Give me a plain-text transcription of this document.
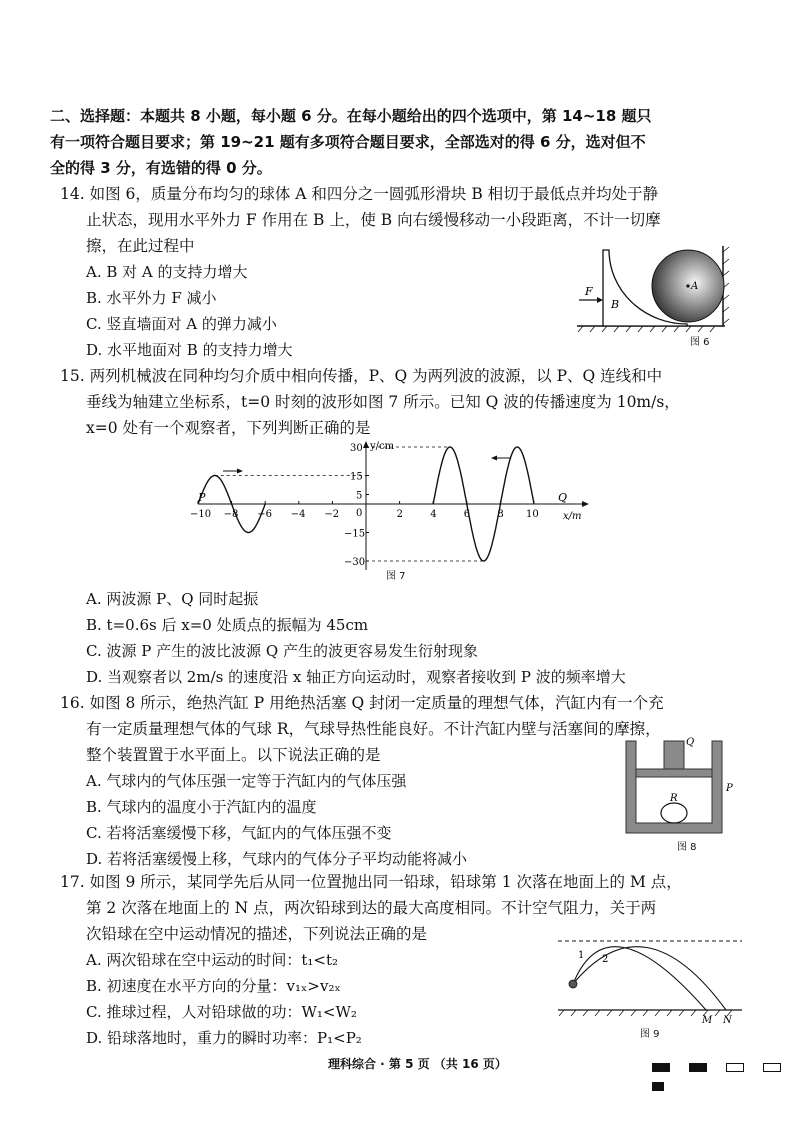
二、选择题：本题共 8 小题，每小题 6 分。在每小题给出的四个选项中，第 14~18 题只
有一项符合题目要求；第 19~21 题有多项符合题目要求，全部选对的得 6 分，选对但不
全的得 3 分，有选错的得 0 分。
14. 如图 6，质量分布均匀的球体 A 和四分之一圆弧形滑块 B 相切于最低点并均处于静
止状态，现用水平外力 F 作用在 B 上，使 B 向右缓慢移动一小段距离，不计一切摩
擦，在此过程中
A. B 对 A 的支持力增大
B. 水平外力 F 减小
C. 竖直墙面对 A 的弹力减小
D. 水平地面对 B 的支持力增大
F
B
A
图 6
15. 两列机械波在同种均匀介质中相向传播，P、Q 为两列波的波源，以 P、Q 连线和中
垂线为轴建立坐标系，t=0 时刻的波形如图 7 所示。已知 Q 波的传播速度为 10m/s，
x=0 处有一个观察者，下列判断正确的是
y/cm
x/m
0
−10 −8 −6 −4 −2	2	4	6	8 10
30
15
5
−15
−30
P	Q
图 7
A. 两波源 P、Q 同时起振
B. t=0.6s 后 x=0 处质点的振幅为 45cm
C. 波源 P 产生的波比波源 Q 产生的波更容易发生衍射现象
D. 当观察者以 2m/s 的速度沿 x 轴正方向运动时，观察者接收到 P 波的频率增大
16. 如图 8 所示，绝热汽缸 P 用绝热活塞 Q 封闭一定质量的理想气体，汽缸内有一个充
有一定质量理想气体的气球 R，气球导热性能良好。不计汽缸内壁与活塞间的摩擦，
整个装置置于水平面上。以下说法正确的是
A. 气球内的气体压强一定等于汽缸内的气体压强
B. 气球内的温度小于汽缸内的温度
C. 若将活塞缓慢下移，气缸内的气体压强不变
D. 若将活塞缓慢上移，气球内的气体分子平均动能将减小
Q
P
R
图 8
17. 如图 9 所示，某同学先后从同一位置抛出同一铅球，铅球第 1 次落在地面上的 M 点，
第 2 次落在地面上的 N 点，两次铅球到达的最大高度相同。不计空气阻力，关于两
次铅球在空中运动情况的描述，下列说法正确的是
A. 两次铅球在空中运动的时间：t₁<t₂
B. 初速度在水平方向的分量：v₁ₓ>v₂ₓ
C. 推球过程，人对铅球做的功：W₁<W₂
D. 铅球落地时，重力的瞬时功率：P₁<P₂
1 2
M N
图 9
理科综合 · 第 5 页 （共 16 页）
